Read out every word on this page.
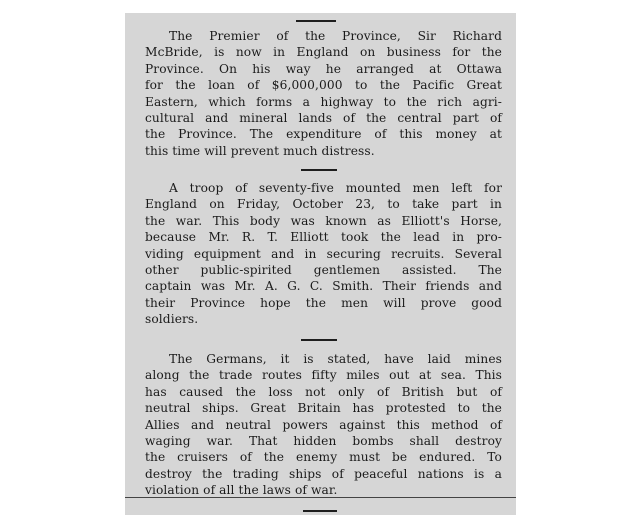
The Premier of the Province, Sir Richard
McBride, is now in England on business for the
Province. On his way he arranged at Ottawa
for the loan of $6,000,000 to the Pacific Great
Eastern, which forms a highway to the rich agri-
cultural and mineral lands of the central part of
the Province. The expenditure of this money at
this time will prevent much distress.
A troop of seventy-five mounted men left for
England on Friday, October 23, to take part in
the war. This body was known as Elliott's Horse,
because Mr. R. T. Elliott took the lead in pro-
viding equipment and in securing recruits. Several
other public-spirited gentlemen assisted. The
captain was Mr. A. G. C. Smith. Their friends and
their Province hope the men will prove good
soldiers.
The Germans, it is stated, have laid mines
along the trade routes fifty miles out at sea. This
has caused the loss not only of British but of
neutral ships. Great Britain has protested to the
Allies and neutral powers against this method of
waging war. That hidden bombs shall destroy
the cruisers of the enemy must be endured. To
destroy the trading ships of peaceful nations is a
violation of all the laws of war.
